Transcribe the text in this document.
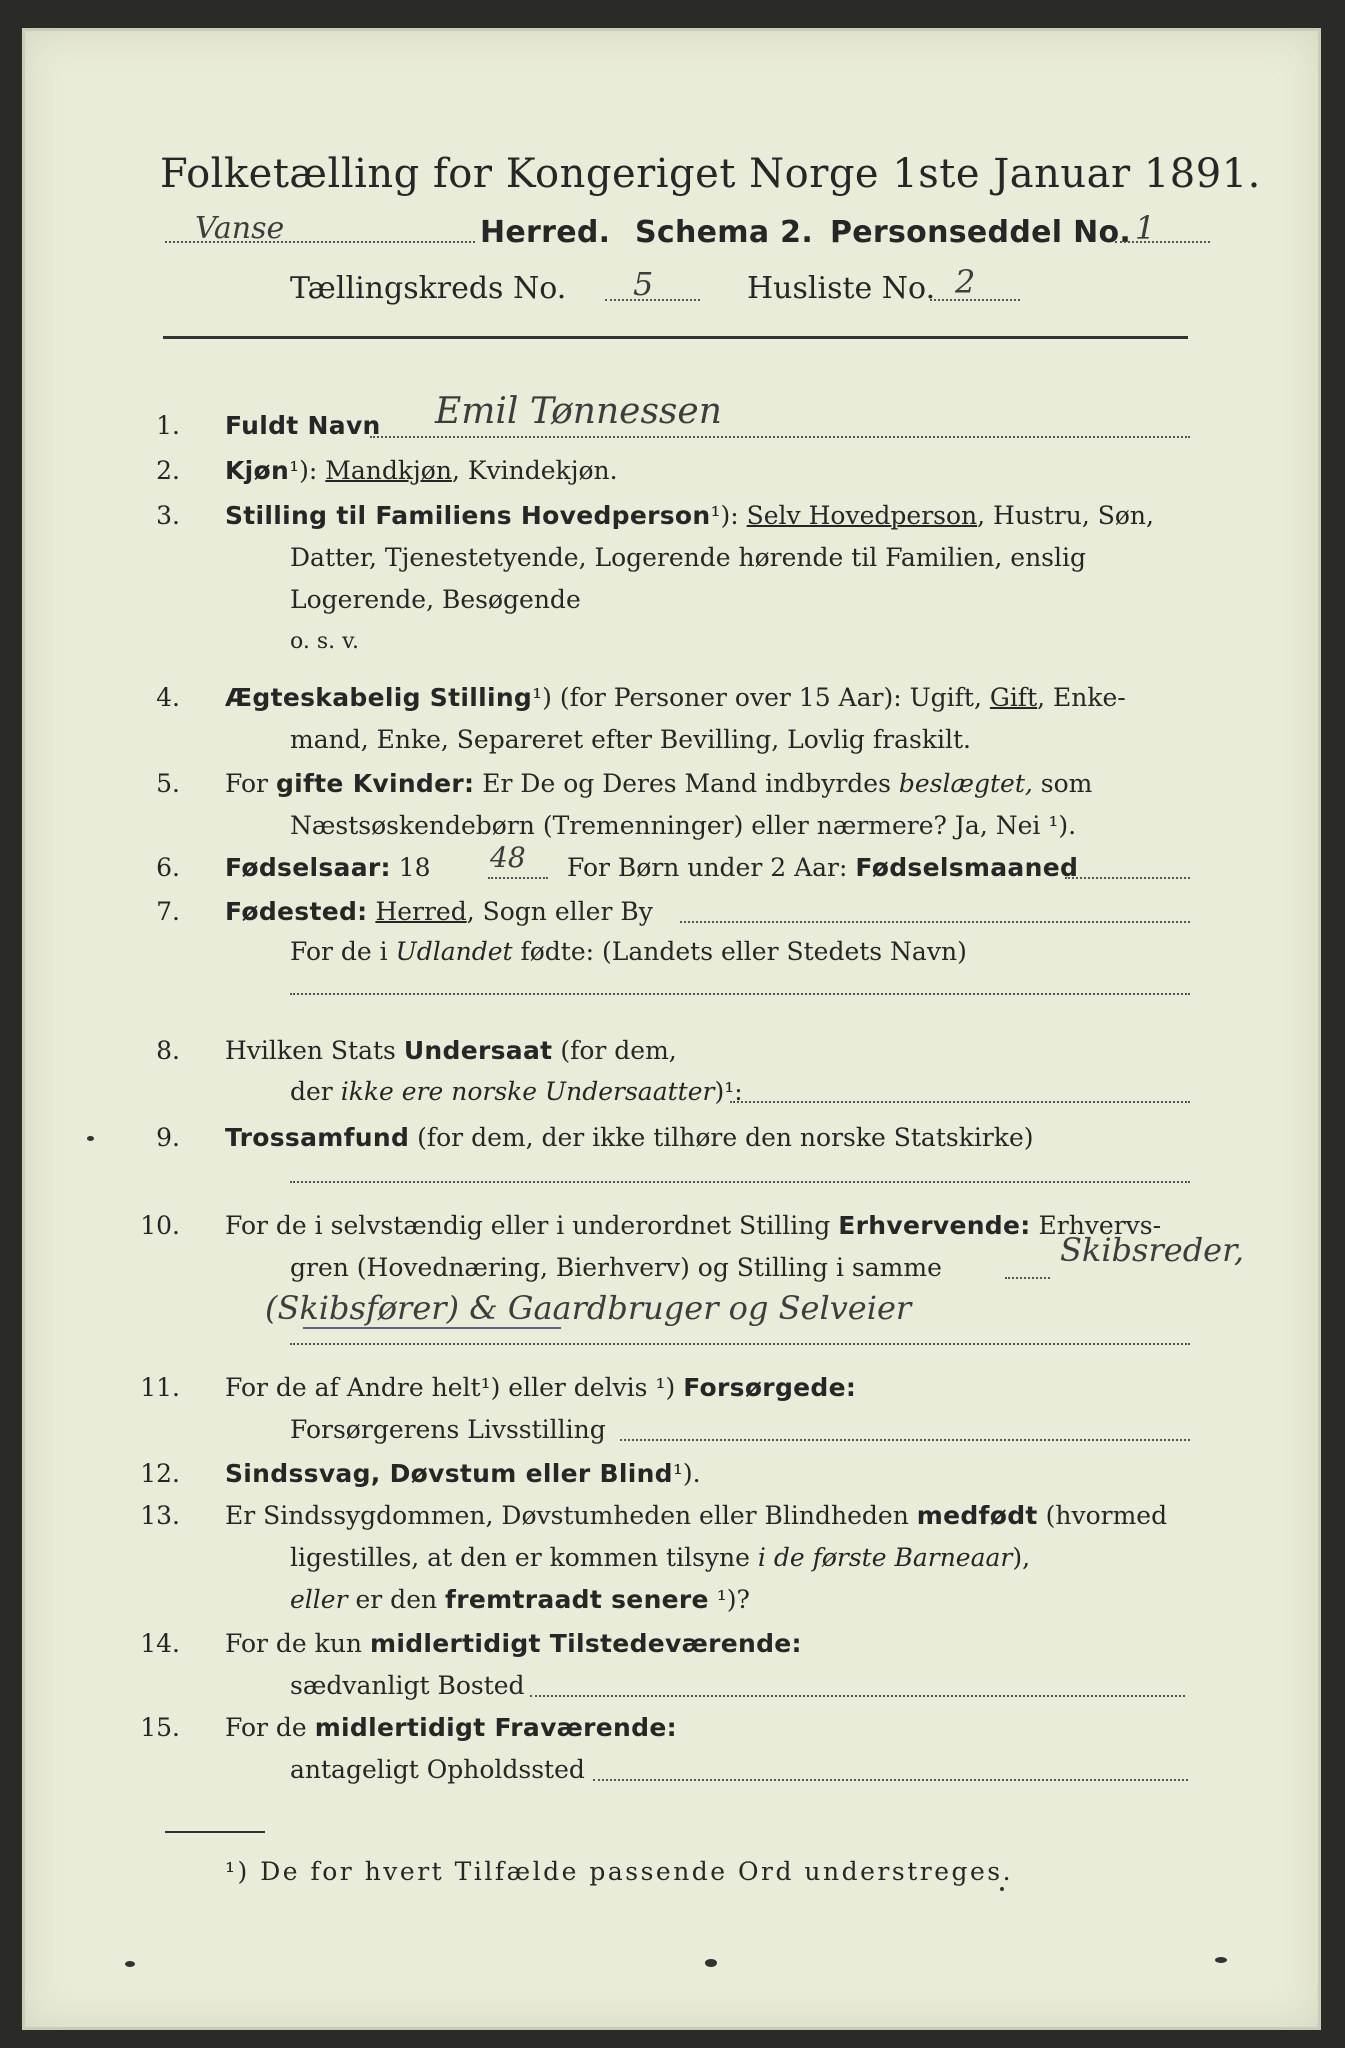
Folketælling for Kongeriget Norge 1ste Januar 1891.
Vanse	Herred. Schema 2. Personseddel No. 1
Tællingskreds No. 5	Husliste No. 2
1. Fuldt Navn Emil Tønnessen
2. Kjøn¹): Mandkjøn, Kvindekjøn.
3. Stilling til Familiens Hovedperson¹): Selv Hovedperson, Hustru, Søn,
Datter, Tjenestetyende, Logerende hørende til Familien, enslig
Logerende, Besøgende
o. s. v.
4. Ægteskabelig Stilling¹) (for Personer over 15 Aar): Ugift, Gift, Enke-
mand, Enke, Separeret efter Bevilling, Lovlig fraskilt.
5. For gifte Kvinder: Er De og Deres Mand indbyrdes beslægtet, som
Næstsøskendebørn (Tremenninger) eller nærmere? Ja, Nei ¹).
6. Fødselsaar: 18 48 For Børn under 2 Aar: Fødselsmaaned
7. Fødested: Herred, Sogn eller By
For de i Udlandet fødte: (Landets eller Stedets Navn)
8. Hvilken Stats Undersaat (for dem,
der ikke ere norske Undersaatter)¹:
9. Trossamfund (for dem, der ikke tilhøre den norske Statskirke)
10. For de i selvstændig eller i underordnet Stilling Erhvervende: Erhvervs-
gren (Hovednæring, Bierhverv) og Stilling i samme	Skibsreder,
(Skibsfører) & Gaardbruger og Selveier
11. For de af Andre helt¹) eller delvis ¹) Forsørgede:
Forsørgerens Livsstilling
12. Sindssvag, Døvstum eller Blind¹).
13. Er Sindssygdommen, Døvstumheden eller Blindheden medfødt (hvormed
ligestilles, at den er kommen tilsyne i de første Barneaar),
eller er den fremtraadt senere ¹)?
14. For de kun midlertidigt Tilstedeværende:
sædvanligt Bosted
15. For de midlertidigt Fraværende:
antageligt Opholdssted
¹) De for hvert Tilfælde passende Ord understreges.
